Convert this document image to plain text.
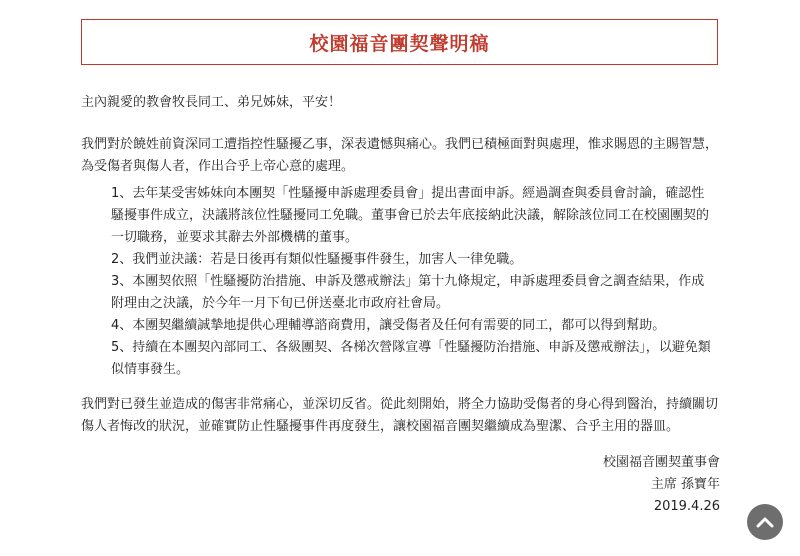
校園福音團契聲明稿

主內親愛的教會牧長同工、弟兄姊妹，平安！

我們對於饒姓前資深同工遭指控性騷擾乙事，深表遺憾與痛心。我們已積極面對與處理，惟求賜恩的主賜智慧，為受傷者與傷人者，作出合乎上帝心意的處理。

1、去年某受害姊妹向本團契「性騷擾申訴處理委員會」提出書面申訴。經過調查與委員會討論，確認性騷擾事件成立，決議將該位性騷擾同工免職。董事會已於去年底接納此決議，解除該位同工在校園團契的一切職務，並要求其辭去外部機構的董事。

2、我們並決議：若是日後再有類似性騷擾事件發生，加害人一律免職。

3、本團契依照「性騷擾防治措施、申訴及懲戒辦法」第十九條規定，申訴處理委員會之調查結果，作成附理由之決議，於今年一月下旬已併送臺北市政府社會局。

4、本團契繼續誠摯地提供心理輔導諮商費用，讓受傷者及任何有需要的同工，都可以得到幫助。

5、持續在本團契內部同工、各級團契、各梯次營隊宣導「性騷擾防治措施、申訴及懲戒辦法」，以避免類似情事發生。

我們對已發生並造成的傷害非常痛心，並深切反省。從此刻開始，將全力協助受傷者的身心得到醫治，持續關切傷人者悔改的狀況，並確實防止性騷擾事件再度發生，讓校園福音團契繼續成為聖潔、合乎主用的器皿。

校園福音團契董事會
主席 孫寶年
2019.4.26
